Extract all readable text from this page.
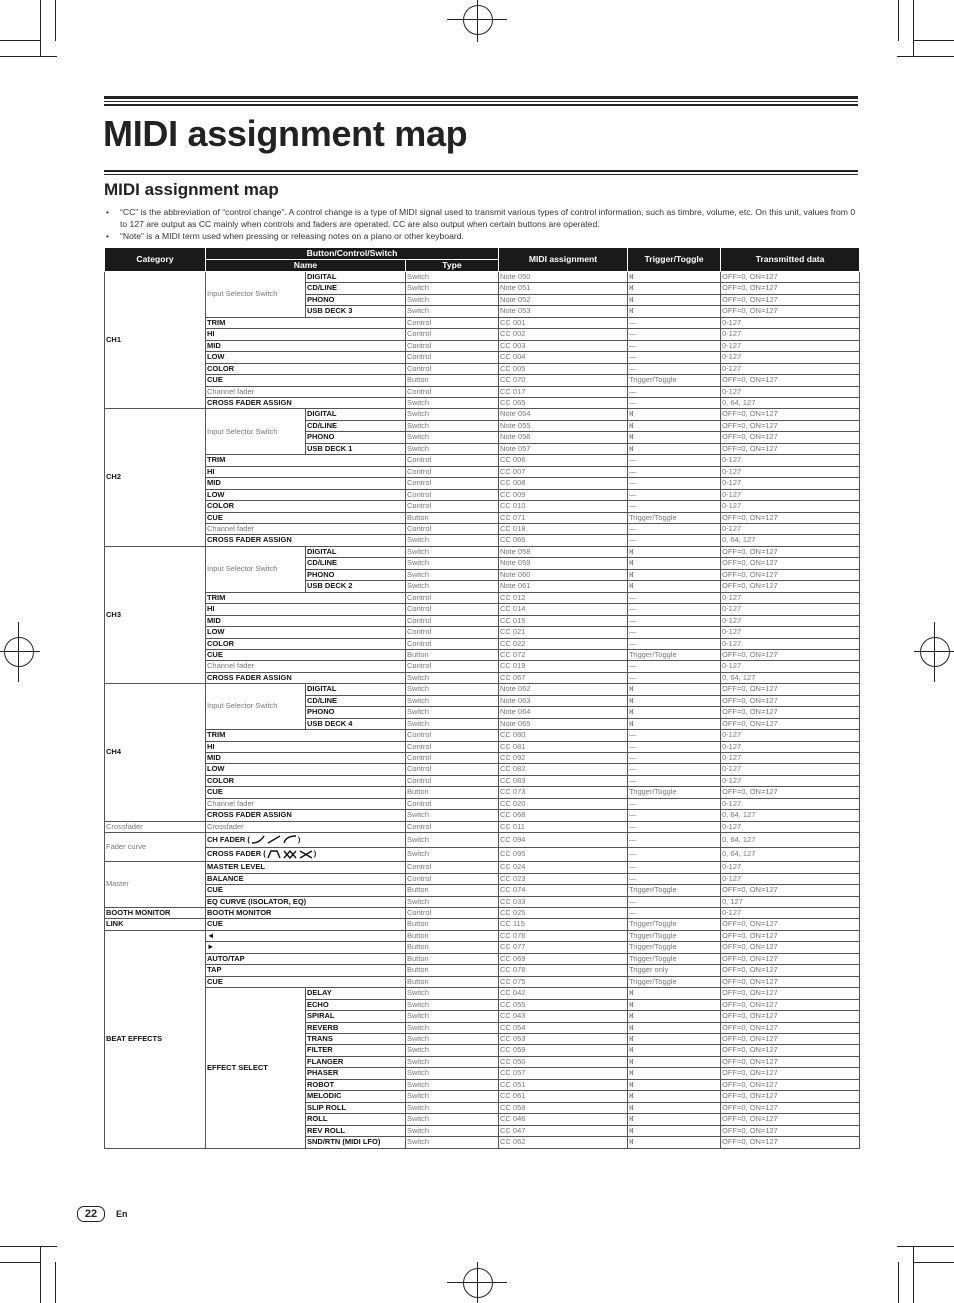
MIDI assignment map
MIDI assignment map
• “CC” is the abbreviation of “control change”. A control change is a type of MIDI signal used to transmit various types of control information, such as timbre, volume, etc. On this unit, values from 0 to 127 are output as CC mainly when controls and faders are operated. CC are also output when certain buttons are operated.
• “Note” is a MIDI term used when pressing or releasing notes on a piano or other keyboard.
Category	Button/Control/Switch			MIDI assignment	Trigger/Toggle	Transmitted data
	Name		Type			
CH1	Input Selector Switch	DIGITAL	Switch	Note 050	Ⱝ	OFF=0, ON=127
		CD/LINE	Switch	Note 051	Ⱝ	OFF=0, ON=127
		PHONO	Switch	Note 052	Ⱝ	OFF=0, ON=127
		USB DECK 3	Switch	Note 053	Ⱝ	OFF=0, ON=127
	TRIM		Control	CC 001	—	0-127
	HI		Control	CC 002	—	0-127
	MID		Control	CC 003	—	0-127
	LOW		Control	CC 004	—	0-127
	COLOR		Control	CC 005	—	0-127
	CUE		Button	CC 070	Trigger/Toggle	OFF=0, ON=127
	Channel fader		Control	CC 017	—	0-127
	CROSS FADER ASSIGN		Switch	CC 065	—	0, 64, 127
CH2	Input Selector Switch	DIGITAL	Switch	Note 054	Ⱝ	OFF=0, ON=127
		CD/LINE	Switch	Note 055	Ⱝ	OFF=0, ON=127
		PHONO	Switch	Note 056	Ⱝ	OFF=0, ON=127
		USB DECK 1	Switch	Note 057	Ⱝ	OFF=0, ON=127
	TRIM		Control	CC 006	—	0-127
	HI		Control	CC 007	—	0-127
	MID		Control	CC 008	—	0-127
	LOW		Control	CC 009	—	0-127
	COLOR		Control	CC 010	—	0-127
	CUE		Button	CC 071	Trigger/Toggle	OFF=0, ON=127
	Channel fader		Control	CC 018	—	0-127
	CROSS FADER ASSIGN		Switch	CC 066	—	0, 64, 127
CH3	Input Selector Switch	DIGITAL	Switch	Note 058	Ⱝ	OFF=0, ON=127
		CD/LINE	Switch	Note 059	Ⱝ	OFF=0, ON=127
		PHONO	Switch	Note 060	Ⱝ	OFF=0, ON=127
		USB DECK 2	Switch	Note 061	Ⱝ	OFF=0, ON=127
	TRIM		Control	CC 012	—	0-127
	HI		Control	CC 014	—	0-127
	MID		Control	CC 015	—	0-127
	LOW		Control	CC 021	—	0-127
	COLOR		Control	CC 022	—	0-127
	CUE		Button	CC 072	Trigger/Toggle	OFF=0, ON=127
	Channel fader		Control	CC 019	—	0-127
	CROSS FADER ASSIGN		Switch	CC 067	—	0, 64, 127
CH4	Input Selector Switch	DIGITAL	Switch	Note 062	Ⱝ	OFF=0, ON=127
		CD/LINE	Switch	Note 063	Ⱝ	OFF=0, ON=127
		PHONO	Switch	Note 064	Ⱝ	OFF=0, ON=127
		USB DECK 4	Switch	Note 065	Ⱝ	OFF=0, ON=127
	TRIM		Control	CC 080	—	0-127
	HI		Control	CC 081	—	0-127
	MID		Control	CC 092	—	0-127
	LOW		Control	CC 082	—	0-127
	COLOR		Control	CC 083	—	0-127
	CUE		Button	CC 073	Trigger/Toggle	OFF=0, ON=127
	Channel fader		Control	CC 020	—	0-127
	CROSS FADER ASSIGN		Switch	CC 068	—	0, 64, 127
Crossfader	Crossfader		Control	CC 011	—	0-127
Fader curve	CH FADER ( )		Switch	CC 094	—	0, 64, 127
	CROSS FADER ( )		Switch	CC 095	—	0, 64, 127
Master	MASTER LEVEL		Control	CC 024	—	0-127
	BALANCE		Control	CC 023	—	0-127
	CUE		Button	CC 074	Trigger/Toggle	OFF=0, ON=127
	EQ CURVE (ISOLATOR, EQ)		Switch	CC 033	—	0, 127
BOOTH MONITOR	BOOTH MONITOR		Control	CC 025	—	0-127
LINK	CUE		Button	CC 115	Trigger/Toggle	OFF=0, ON=127
BEAT EFFECTS	◄		Button	CC 076	Trigger/Toggle	OFF=0, ON=127
	►		Button	CC 077	Trigger/Toggle	OFF=0, ON=127
	AUTO/TAP		Button	CC 069	Trigger/Toggle	OFF=0, ON=127
	TAP		Button	CC 078	Trigger only	OFF=0, ON=127
	CUE		Button	CC 075	Trigger/Toggle	OFF=0, ON=127
	EFFECT SELECT	DELAY	Switch	CC 042	Ⱝ	OFF=0, ON=127
		ECHO	Switch	CC 055	Ⱝ	OFF=0, ON=127
		SPIRAL	Switch	CC 043	Ⱝ	OFF=0, ON=127
		REVERB	Switch	CC 054	Ⱝ	OFF=0, ON=127
		TRANS	Switch	CC 053	Ⱝ	OFF=0, ON=127
		FILTER	Switch	CC 059	Ⱝ	OFF=0, ON=127
		FLANGER	Switch	CC 050	Ⱝ	OFF=0, ON=127
		PHASER	Switch	CC 057	Ⱝ	OFF=0, ON=127
		ROBOT	Switch	CC 051	Ⱝ	OFF=0, ON=127
		MELODIC	Switch	CC 061	Ⱝ	OFF=0, ON=127
		SLIP ROLL	Switch	CC 058	Ⱝ	OFF=0, ON=127
		ROLL	Switch	CC 046	Ⱝ	OFF=0, ON=127
		REV ROLL	Switch	CC 047	Ⱝ	OFF=0, ON=127
		SND/RTN (MIDI LFO)	Switch	CC 062	Ⱝ	OFF=0, ON=127
22	En
